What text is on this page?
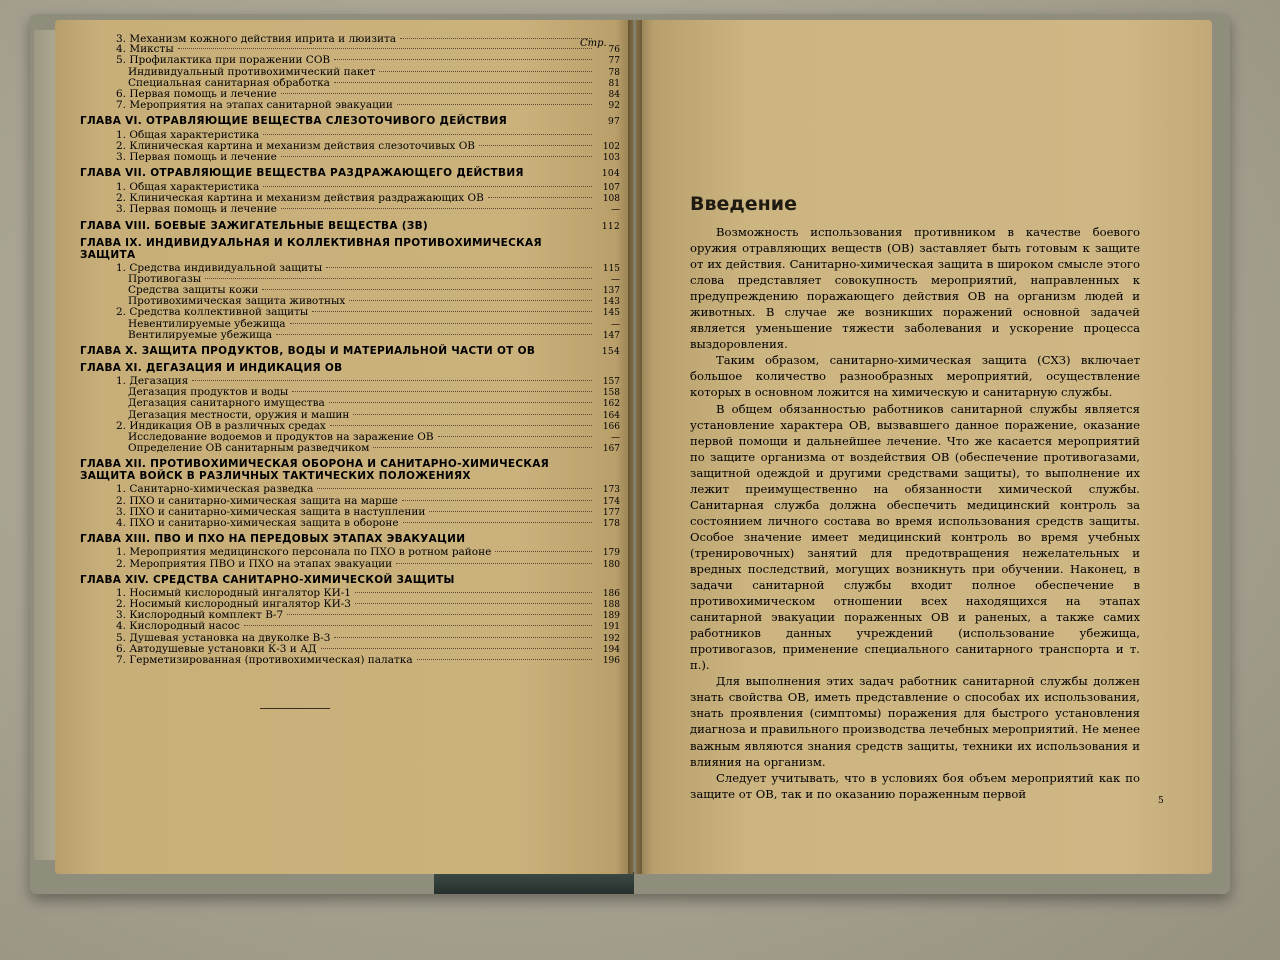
Стр.
3. Механизм кожного действия иприта и люизита
4. Миксты	76
5. Профилактика при поражении СОВ	77
Индивидуальный противохимический пакет	78
Специальная санитарная обработка	81
6. Первая помощь и лечение	84
7. Мероприятия на этапах санитарной эвакуации	92
ГЛАВА VI. ОТРАВЛЯЮЩИЕ ВЕЩЕСТВА СЛЕЗОТОЧИВОГО ДЕЙСТВИЯ	97
1. Общая характеристика
2. Клиническая картина и механизм действия слезоточивых ОВ	102
3. Первая помощь и лечение	103
ГЛАВА VII. ОТРАВЛЯЮЩИЕ ВЕЩЕСТВА РАЗДРАЖАЮЩЕГО ДЕЙСТВИЯ	104
1. Общая характеристика	107
2. Клиническая картина и механизм действия раздражающих ОВ	108
3. Первая помощь и лечение	—
ГЛАВА VIII. БОЕВЫЕ ЗАЖИГАТЕЛЬНЫЕ ВЕЩЕСТВА (ЗВ)	112
ГЛАВА IX. ИНДИВИДУАЛЬНАЯ И КОЛЛЕКТИВНАЯ ПРОТИВОХИМИЧЕСКАЯ ЗАЩИТА
1. Средства индивидуальной защиты	115
Противогазы	—
Средства защиты кожи	137
Противохимическая защита животных	143
2. Средства коллективной защиты	145
Невентилируемые убежища	—
Вентилируемые убежища	147
ГЛАВА X. ЗАЩИТА ПРОДУКТОВ, ВОДЫ И МАТЕРИАЛЬНОЙ ЧАСТИ ОТ ОВ	154
ГЛАВА XI. ДЕГАЗАЦИЯ И ИНДИКАЦИЯ ОВ
1. Дегазация	157
Дегазация продуктов и воды	158
Дегазация санитарного имущества	162
Дегазация местности, оружия и машин	164
2. Индикация ОВ в различных средах	166
Исследование водоемов и продуктов на заражение ОВ	—
Определение ОВ санитарным разведчиком	167
ГЛАВА XII. ПРОТИВОХИМИЧЕСКАЯ ОБОРОНА И САНИТАРНО-ХИМИЧЕСКАЯ ЗАЩИТА ВОЙСК В РАЗЛИЧНЫХ ТАКТИЧЕСКИХ ПОЛОЖЕНИЯХ
1. Санитарно-химическая разведка	173
2. ПХО и санитарно-химическая защита на марше	174
3. ПХО и санитарно-химическая защита в наступлении	177
4. ПХО и санитарно-химическая защита в обороне	178
ГЛАВА XIII. ПВО И ПХО НА ПЕРЕДОВЫХ ЭТАПАХ ЭВАКУАЦИИ
1. Мероприятия медицинского персонала по ПХО в ротном районе	179
2. Мероприятия ПВО и ПХО на этапах эвакуации	180
ГЛАВА XIV. СРЕДСТВА САНИТАРНО-ХИМИЧЕСКОЙ ЗАЩИТЫ
1. Носимый кислородный ингалятор КИ-1	186
2. Носимый кислородный ингалятор КИ-3	188
3. Кислородный комплект В-7	189
4. Кислородный насос	191
5. Душевая установка на двуколке В-3	192
6. Автодушевые установки К-3 и АД	194
7. Герметизированная (противохимическая) палатка	196
Введение

Возможность использования противником в качестве боевого оружия отравляющих веществ (ОВ) заставляет быть готовым к защите от их действия. Санитарно-химическая защита в широком смысле этого слова представляет совокупность мероприятий, направленных к предупреждению поражающего действия ОВ на организм людей и животных. В случае же возникших поражений основной задачей является уменьшение тяжести заболевания и ускорение процесса выздоровления.

Таким образом, санитарно-химическая защита (СХЗ) включает большое количество разнообразных мероприятий, осуществление которых в основном ложится на химическую и санитарную службы.

В общем обязанностью работников санитарной службы является установление характера ОВ, вызвавшего данное поражение, оказание первой помощи и дальнейшее лечение. Что же касается мероприятий по защите организма от воздействия ОВ (обеспечение противогазами, защитной одеждой и другими средствами защиты), то выполнение их лежит преимущественно на обязанности химической службы. Санитарная служба должна обеспечить медицинский контроль за состоянием личного состава во время использования средств защиты. Особое значение имеет медицинский контроль во время учебных (тренировочных) занятий для предотвращения нежелательных и вредных последствий, могущих возникнуть при обучении. Наконец, в задачи санитарной службы входит полное обеспечение в противохимическом отношении всех находящихся на этапах санитарной эвакуации пораженных ОВ и раненых, а также самих работников данных учреждений (использование убежища, противогазов, применение специального санитарного транспорта и т. п.).

Для выполнения этих задач работник санитарной службы должен знать свойства ОВ, иметь представление о способах их использования, знать проявления (симптомы) поражения для быстрого установления диагноза и правильного производства лечебных мероприятий. Не менее важным являются знания средств защиты, техники их использования и влияния на организм.

Следует учитывать, что в условиях боя объем мероприятий как по защите от ОВ, так и по оказанию пораженным первой

5
